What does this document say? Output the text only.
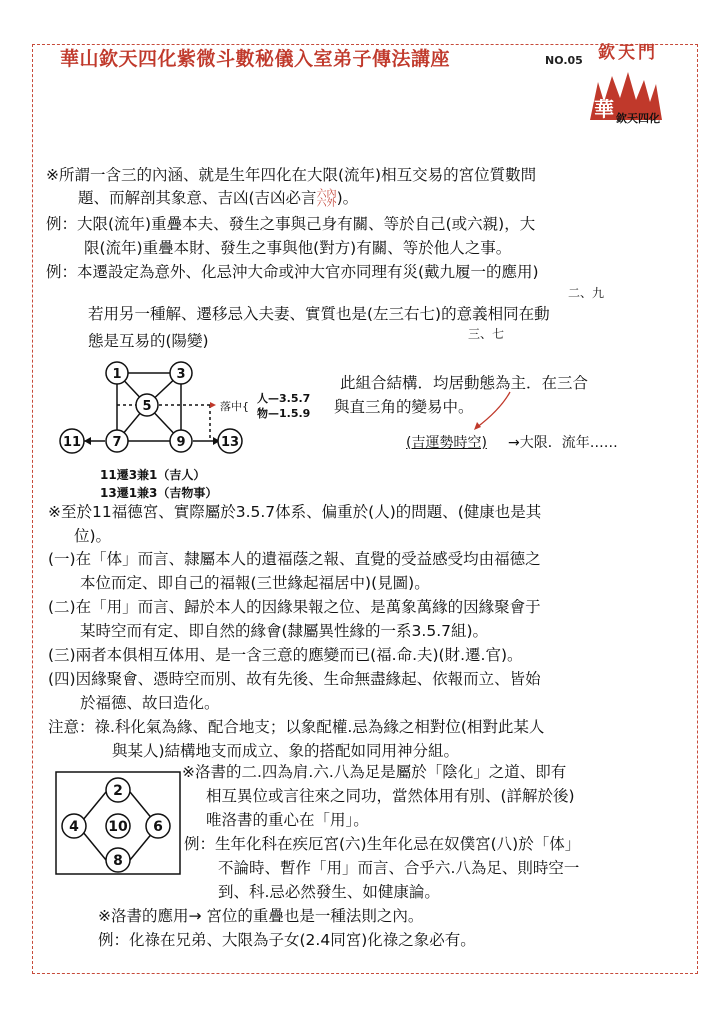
華山欽天四化紫微斗數秘儀入室弟子傳法講座	NO.05 欽天門
華 欽天四化
※所謂一含三的內涵、就是生年四化在大限(流年)相互交易的宮位質數問
題、而解剖其象意、吉凶(吉凶必言 六內
六外 )。
例：大限(流年)重疊本夫、發生之事與己身有關、等於自己(或六親)，大
限(流年)重疊本財、發生之事與他(對方)有關、等於他人之事。
例：本遷設定為意外、化忌沖大命或沖大官亦同理有災(戴九履一的應用)
二、九
若用另一種解、遷移忌入夫妻、實質也是(左三右七)的意義相同在動
三、七
態是互易的(陽變)
1	3
5
7	9
11	13
落中{
人—3.5.7
物—1.5.9
11遷3兼1（吉人）
13遷1兼3（吉物事）
此組合結構．均居動態為主．在三合
與直三角的變易中。
(吉運勢時空) →大限．流年……
※至於11福德宮、實際屬於3.5.7体系、偏重於(人)的問題、(健康也是其
位)。
(一)在「体」而言、隸屬本人的遺福蔭之報、直覺的受益感受均由福德之
本位而定、即自己的福報(三世緣起福居中)(見圖)。
(二)在「用」而言、歸於本人的因緣果報之位、是萬象萬緣的因緣聚會于
某時空而有定、即自然的緣會(隸屬異性緣的一系3.5.7組)。
(三)兩者本俱相互体用、是一含三意的應變而已(福.命.夫)(財.遷.官)。
(四)因緣聚會、憑時空而別、故有先後、生命無盡緣起、依報而立、皆始
於福德、故曰造化。
注意：祿.科化氣為緣、配合地支；以象配權.忌為緣之相對位(相對此某人
與某人)結構地支而成立、象的搭配如同用神分組。
2
4 10 6
8
※洛書的二.四為肩.六.八為足是屬於「陰化」之道、即有
相互異位或言往來之同功，當然体用有別、(詳解於後)
唯洛書的重心在「用」。
例：生年化科在疾厄宮(六)生年化忌在奴僕宮(八)於「体」
不論時、暫作「用」而言、合乎六.八為足、則時空一
到、科.忌必然發生、如健康論。
※洛書的應用→ 宮位的重疊也是一種法則之內。
例：化祿在兄弟、大限為子女(2.4同宮)化祿之象必有。
